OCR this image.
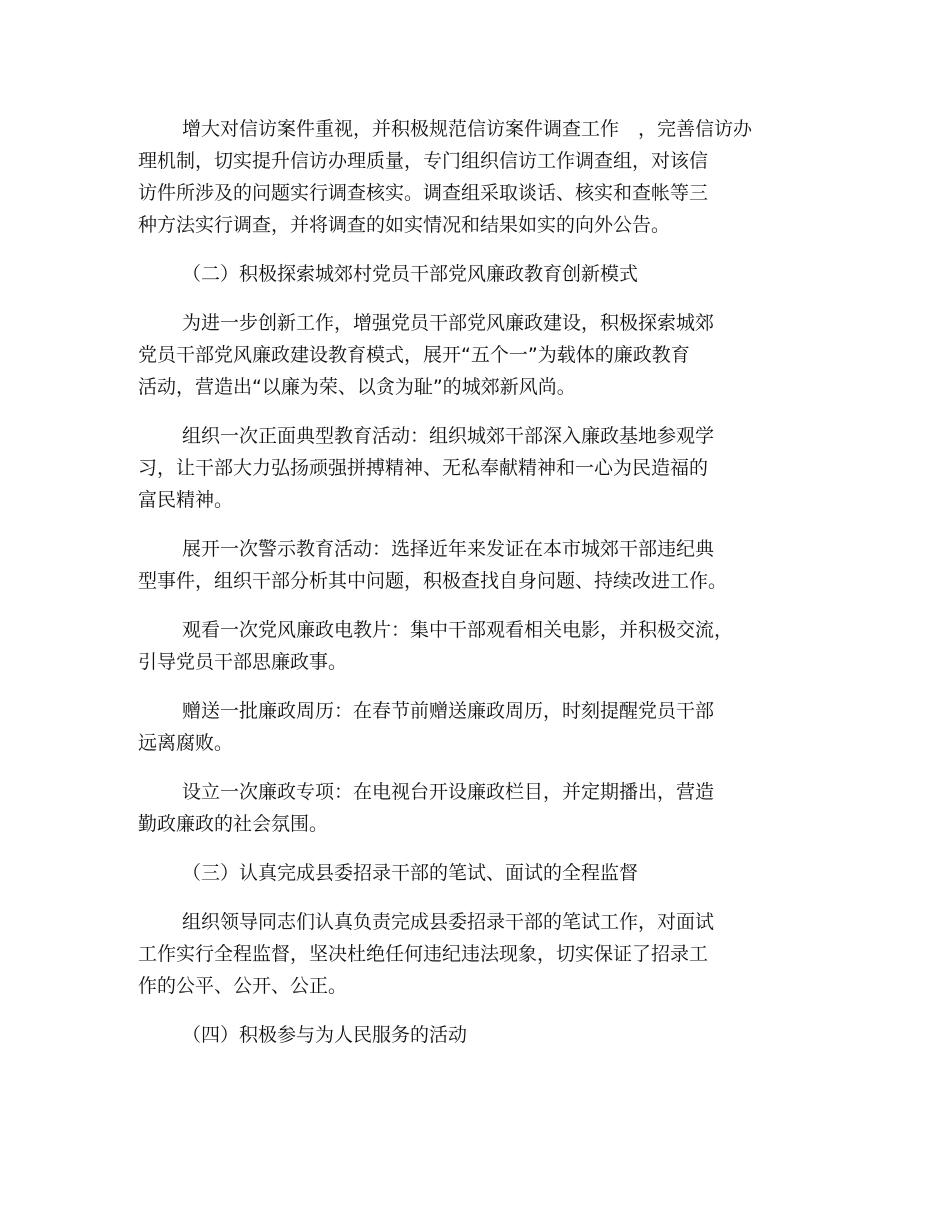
增大对信访案件重视，并积极规范信访案件调查工作　，完善信访办
理机制，切实提升信访办理质量，专门组织信访工作调查组，对该信
访件所涉及的问题实行调查核实。调查组采取谈话、核实和查帐等三
种方法实行调查，并将调查的如实情况和结果如实的向外公告。
（二）积极探索城郊村党员干部党风廉政教育创新模式
为进一步创新工作，增强党员干部党风廉政建设，积极探索城郊
党员干部党风廉政建设教育模式，展开“五个一”为载体的廉政教育
活动，营造出“以廉为荣、以贪为耻”的城郊新风尚。
组织一次正面典型教育活动：组织城郊干部深入廉政基地参观学
习，让干部大力弘扬顽强拼搏精神、无私奉献精神和一心为民造福的
富民精神。
展开一次警示教育活动：选择近年来发证在本市城郊干部违纪典
型事件，组织干部分析其中问题，积极查找自身问题、持续改进工作。
观看一次党风廉政电教片：集中干部观看相关电影，并积极交流，
引导党员干部思廉政事。
赠送一批廉政周历：在春节前赠送廉政周历，时刻提醒党员干部
远离腐败。
设立一次廉政专项：在电视台开设廉政栏目，并定期播出，营造
勤政廉政的社会氛围。
（三）认真完成县委招录干部的笔试、面试的全程监督
组织领导同志们认真负责完成县委招录干部的笔试工作，对面试
工作实行全程监督，坚决杜绝任何违纪违法现象，切实保证了招录工
作的公平、公开、公正。
（四）积极参与为人民服务的活动
